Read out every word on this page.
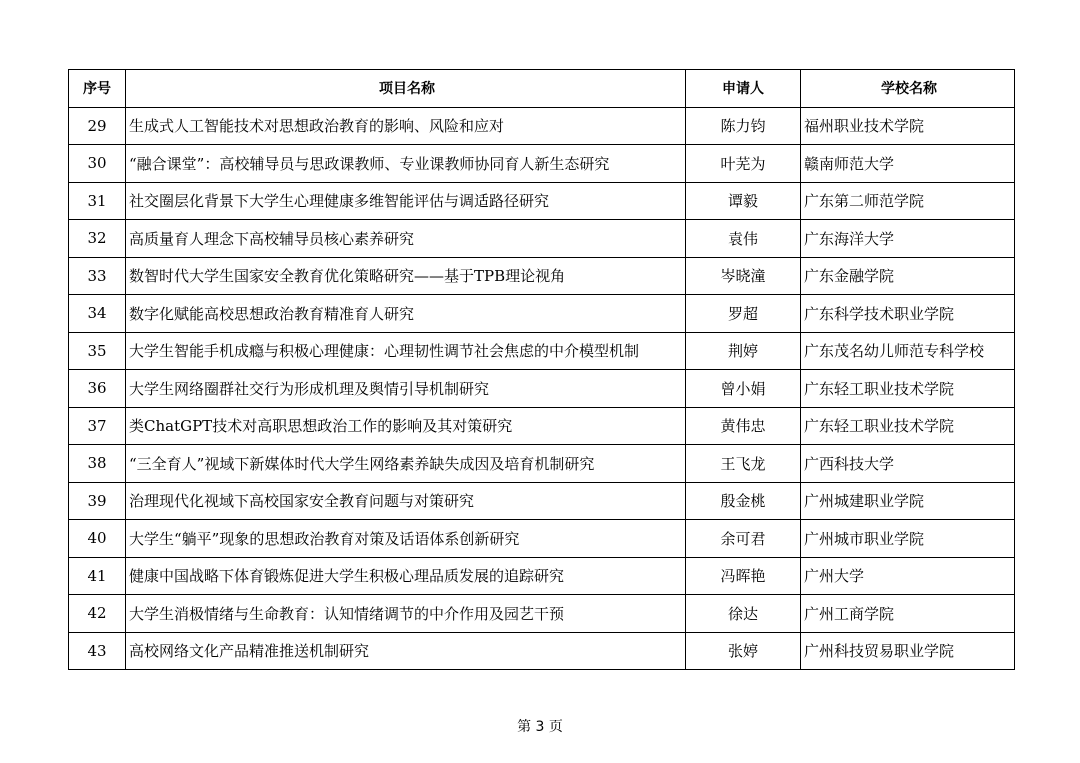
序号	项目名称	申请人	学校名称
29	生成式人工智能技术对思想政治教育的影响、风险和应对	陈力钧	福州职业技术学院
30	“融合课堂”：高校辅导员与思政课教师、专业课教师协同育人新生态研究	叶芜为	赣南师范大学
31	社交圈层化背景下大学生心理健康多维智能评估与调适路径研究	谭毅	广东第二师范学院
32	高质量育人理念下高校辅导员核心素养研究	袁伟	广东海洋大学
33	数智时代大学生国家安全教育优化策略研究——基于TPB理论视角	岑晓潼	广东金融学院
34	数字化赋能高校思想政治教育精准育人研究	罗超	广东科学技术职业学院
35	大学生智能手机成瘾与积极心理健康：心理韧性调节社会焦虑的中介模型机制	荆婷	广东茂名幼儿师范专科学校
36	大学生网络圈群社交行为形成机理及舆情引导机制研究	曾小娟	广东轻工职业技术学院
37	类ChatGPT技术对高职思想政治工作的影响及其对策研究	黄伟忠	广东轻工职业技术学院
38	“三全育人”视域下新媒体时代大学生网络素养缺失成因及培育机制研究	王飞龙	广西科技大学
39	治理现代化视域下高校国家安全教育问题与对策研究	殷金桃	广州城建职业学院
40	大学生“躺平”现象的思想政治教育对策及话语体系创新研究	余可君	广州城市职业学院
41	健康中国战略下体育锻炼促进大学生积极心理品质发展的追踪研究	冯晖艳	广州大学
42	大学生消极情绪与生命教育：认知情绪调节的中介作用及园艺干预	徐达	广州工商学院
43	高校网络文化产品精准推送机制研究	张婷	广州科技贸易职业学院
第 3 页
